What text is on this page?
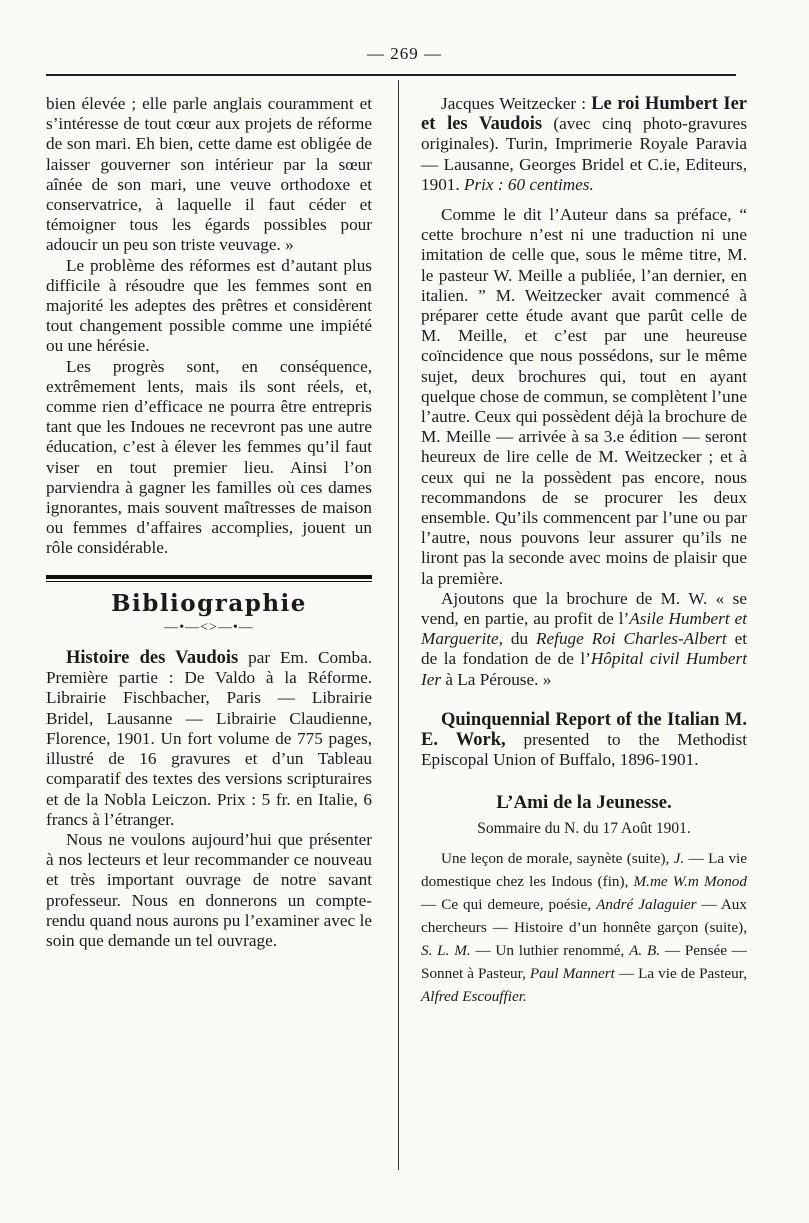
— 269 —

bien élevée ; elle parle anglais couramment et s’intéresse de tout cœur aux projets de réforme de son mari. Eh bien, cette dame est obligée de laisser gouverner son intérieur par la sœur aînée de son mari, une veuve orthodoxe et conservatrice, à laquelle il faut céder et témoigner tous les égards possibles pour adoucir un peu son triste veuvage. »

Le problème des réformes est d’autant plus difficile à résoudre que les femmes sont en majorité les adeptes des prêtres et considèrent tout changement possible comme une impiété ou une hérésie.

Les progrès sont, en conséquence, extrêmement lents, mais ils sont réels, et, comme rien d’efficace ne pourra être entrepris tant que les Indoues ne recevront pas une autre éducation, c’est à élever les femmes qu’il faut viser en tout premier lieu. Ainsi l’on parviendra à gagner les familles où ces dames ignorantes, mais souvent maîtresses de maison ou femmes d’affaires accomplies, jouent un rôle considérable.

Bibliographie
—•—<>—•—

Histoire des Vaudois par Em. Comba. Première partie : De Valdo à la Réforme. Librairie Fischbacher, Paris — Librairie Bridel, Lausanne — Librairie Claudienne, Florence, 1901. Un fort volume de 775 pages, illustré de 16 gravures et d’un Tableau comparatif des textes des versions scripturaires et de la Nobla Leiczon. Prix : 5 fr. en Italie, 6 francs à l’étranger.

Nous ne voulons aujourd’hui que présenter à nos lecteurs et leur recommander ce nouveau et très important ouvrage de notre savant professeur. Nous en donnerons un compte-rendu quand nous aurons pu l’examiner avec le soin que demande un tel ouvrage.

Jacques Weitzecker : Le roi Humbert Ier et les Vaudois (avec cinq photo-gravures originales). Turin, Imprimerie Royale Paravia — Lausanne, Georges Bridel et C.ie, Editeurs, 1901. Prix : 60 centimes.

Comme le dit l’Auteur dans sa préface, “ cette brochure n’est ni une traduction ni une imitation de celle que, sous le même titre, M. le pasteur W. Meille a publiée, l’an dernier, en italien. ” M. Weitzecker avait commencé à préparer cette étude avant que parût celle de M. Meille, et c’est par une heureuse coïncidence que nous possédons, sur le même sujet, deux brochures qui, tout en ayant quelque chose de commun, se complètent l’une l’autre. Ceux qui possèdent déjà la brochure de M. Meille — arrivée à sa 3.e édition — seront heureux de lire celle de M. Weitzecker ; et à ceux qui ne la possèdent pas encore, nous recommandons de se procurer les deux ensemble. Qu’ils commencent par l’une ou par l’autre, nous pouvons leur assurer qu’ils ne liront pas la seconde avec moins de plaisir que la première.

Ajoutons que la brochure de M. W. « se vend, en partie, au profit de l’Asile Humbert et Marguerite, du Refuge Roi Charles-Albert et de la fondation de de l’Hôpital civil Humbert Ier à La Pérouse. »

Quinquennial Report of the Italian M. E. Work, presented to the Methodist Episcopal Union of Buffalo, 1896-1901.

L’Ami de la Jeunesse.
Sommaire du N. du 17 Août 1901.

Une leçon de morale, saynète (suite), J. — La vie domestique chez les Indous (fin), M.me W.m Monod — Ce qui demeure, poésie, André Jalaguier — Aux chercheurs — Histoire d’un honnête garçon (suite), S. L. M. — Un luthier renommé, A. B. — Pensée — Sonnet à Pasteur, Paul Mannert — La vie de Pasteur, Alfred Escouffier.
